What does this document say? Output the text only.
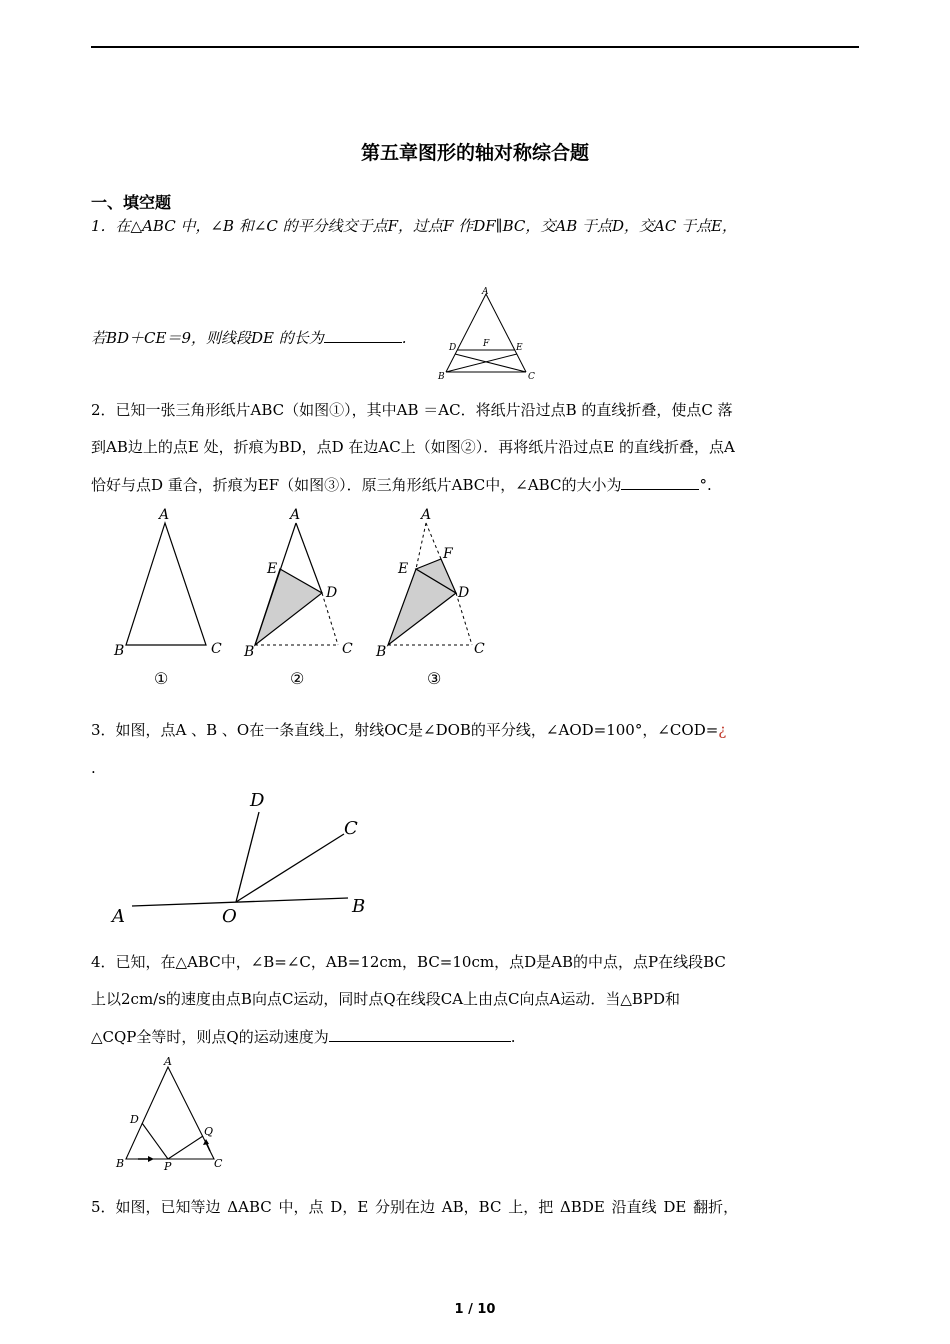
第五章图形的轴对称综合题
一、填空题
1．在△ABC 中，∠B 和∠C 的平分线交于点F，过点F 作DF∥BC，交AB 于点D，交AC 于点E，
若BD＋CE＝9，则线段DE 的长为	.
A
B	C
D	E
F
2．已知一张三角形纸片ABC（如图①），其中AB ＝AC．将纸片沿过点B 的直线折叠，使点C 落
到AB边上的点E 处，折痕为BD，点D 在边AC上（如图②）．再将纸片沿过点E 的直线折叠，点A
恰好与点D 重合，折痕为EF（如图③）．原三角形纸片ABC中，∠ABC的大小为	°.
A
B	C
A
E
D
B	C
A
F
E
D
B	C
①	②	③
3．如图，点A 、B 、O在一条直线上，射线OC是∠DOB的平分线，∠AOD=100°，∠COD=¿
.
A	O	B
D
C
4．已知，在△ABC中，∠B=∠C，AB=12cm，BC=10cm，点D是AB的中点，点P在线段BC
上以2cm/s的速度由点B向点C运动，同时点Q在线段CA上由点C向点A运动．当△BPD和
△CQP全等时，则点Q的运动速度为	.
A
B	C
D
P
Q
5．如图，已知等边 ΔABC 中，点 D，E 分别在边 AB，BC 上，把 ΔBDE 沿直线 DE 翻折，
1 / 10
